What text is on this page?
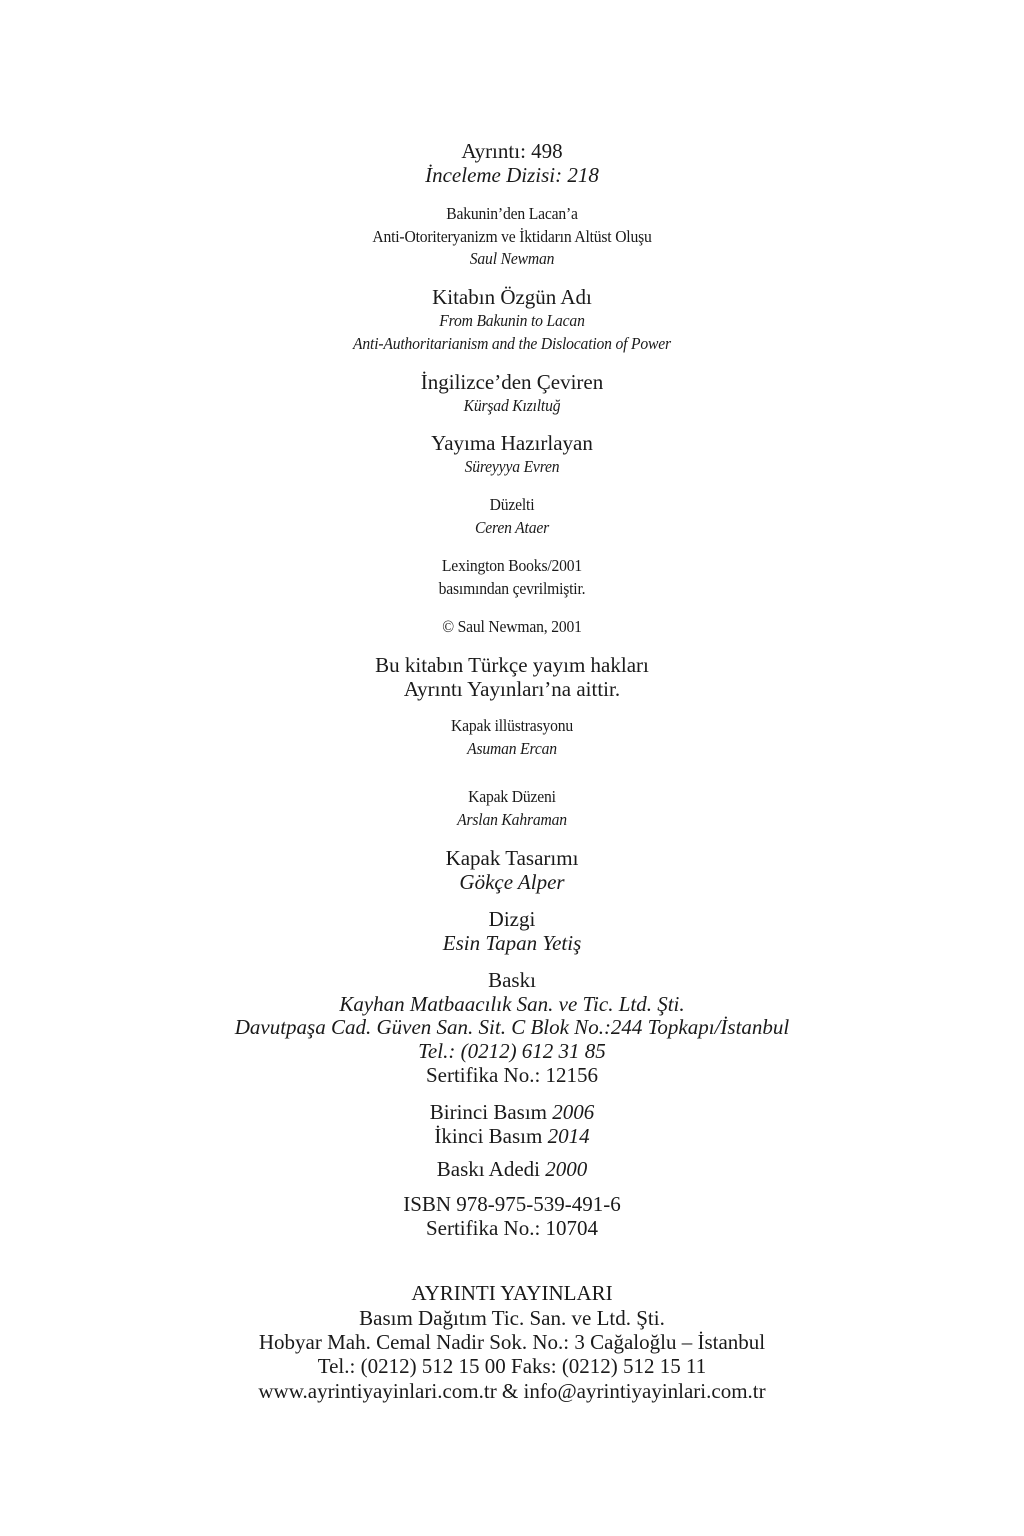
Ayrıntı: 498
İnceleme Dizisi: 218
Bakunin’den Lacan’a
Anti-Otoriteryanizm ve İktidarın Altüst Oluşu
Saul Newman
Kitabın Özgün Adı
From Bakunin to Lacan
Anti-Authoritarianism and the Dislocation of Power
İngilizce’den Çeviren
Kürşad Kızıltuğ
Yayıma Hazırlayan
Süreyyya Evren
Düzelti
Ceren Ataer
Lexington Books/2001
basımından çevrilmiştir.
© Saul Newman, 2001
Bu kitabın Türkçe yayım hakları
Ayrıntı Yayınları’na aittir.
Kapak illüstrasyonu
Asuman Ercan
Kapak Düzeni
Arslan Kahraman
Kapak Tasarımı
Gökçe Alper
Dizgi
Esin Tapan Yetiş
Baskı
Kayhan Matbaacılık San. ve Tic. Ltd. Şti.
Davutpaşa Cad. Güven San. Sit. C Blok No.:244 Topkapı/İstanbul
Tel.: (0212) 612 31 85
Sertifika No.: 12156
Birinci Basım 2006
İkinci Basım 2014
Baskı Adedi 2000
ISBN 978-975-539-491-6
Sertifika No.: 10704
AYRINTI YAYINLARI
Basım Dağıtım Tic. San. ve Ltd. Şti.
Hobyar Mah. Cemal Nadir Sok. No.: 3 Cağaloğlu – İstanbul
Tel.: (0212) 512 15 00 Faks: (0212) 512 15 11
www.ayrintiyayinlari.com.tr & info@ayrintiyayinlari.com.tr
